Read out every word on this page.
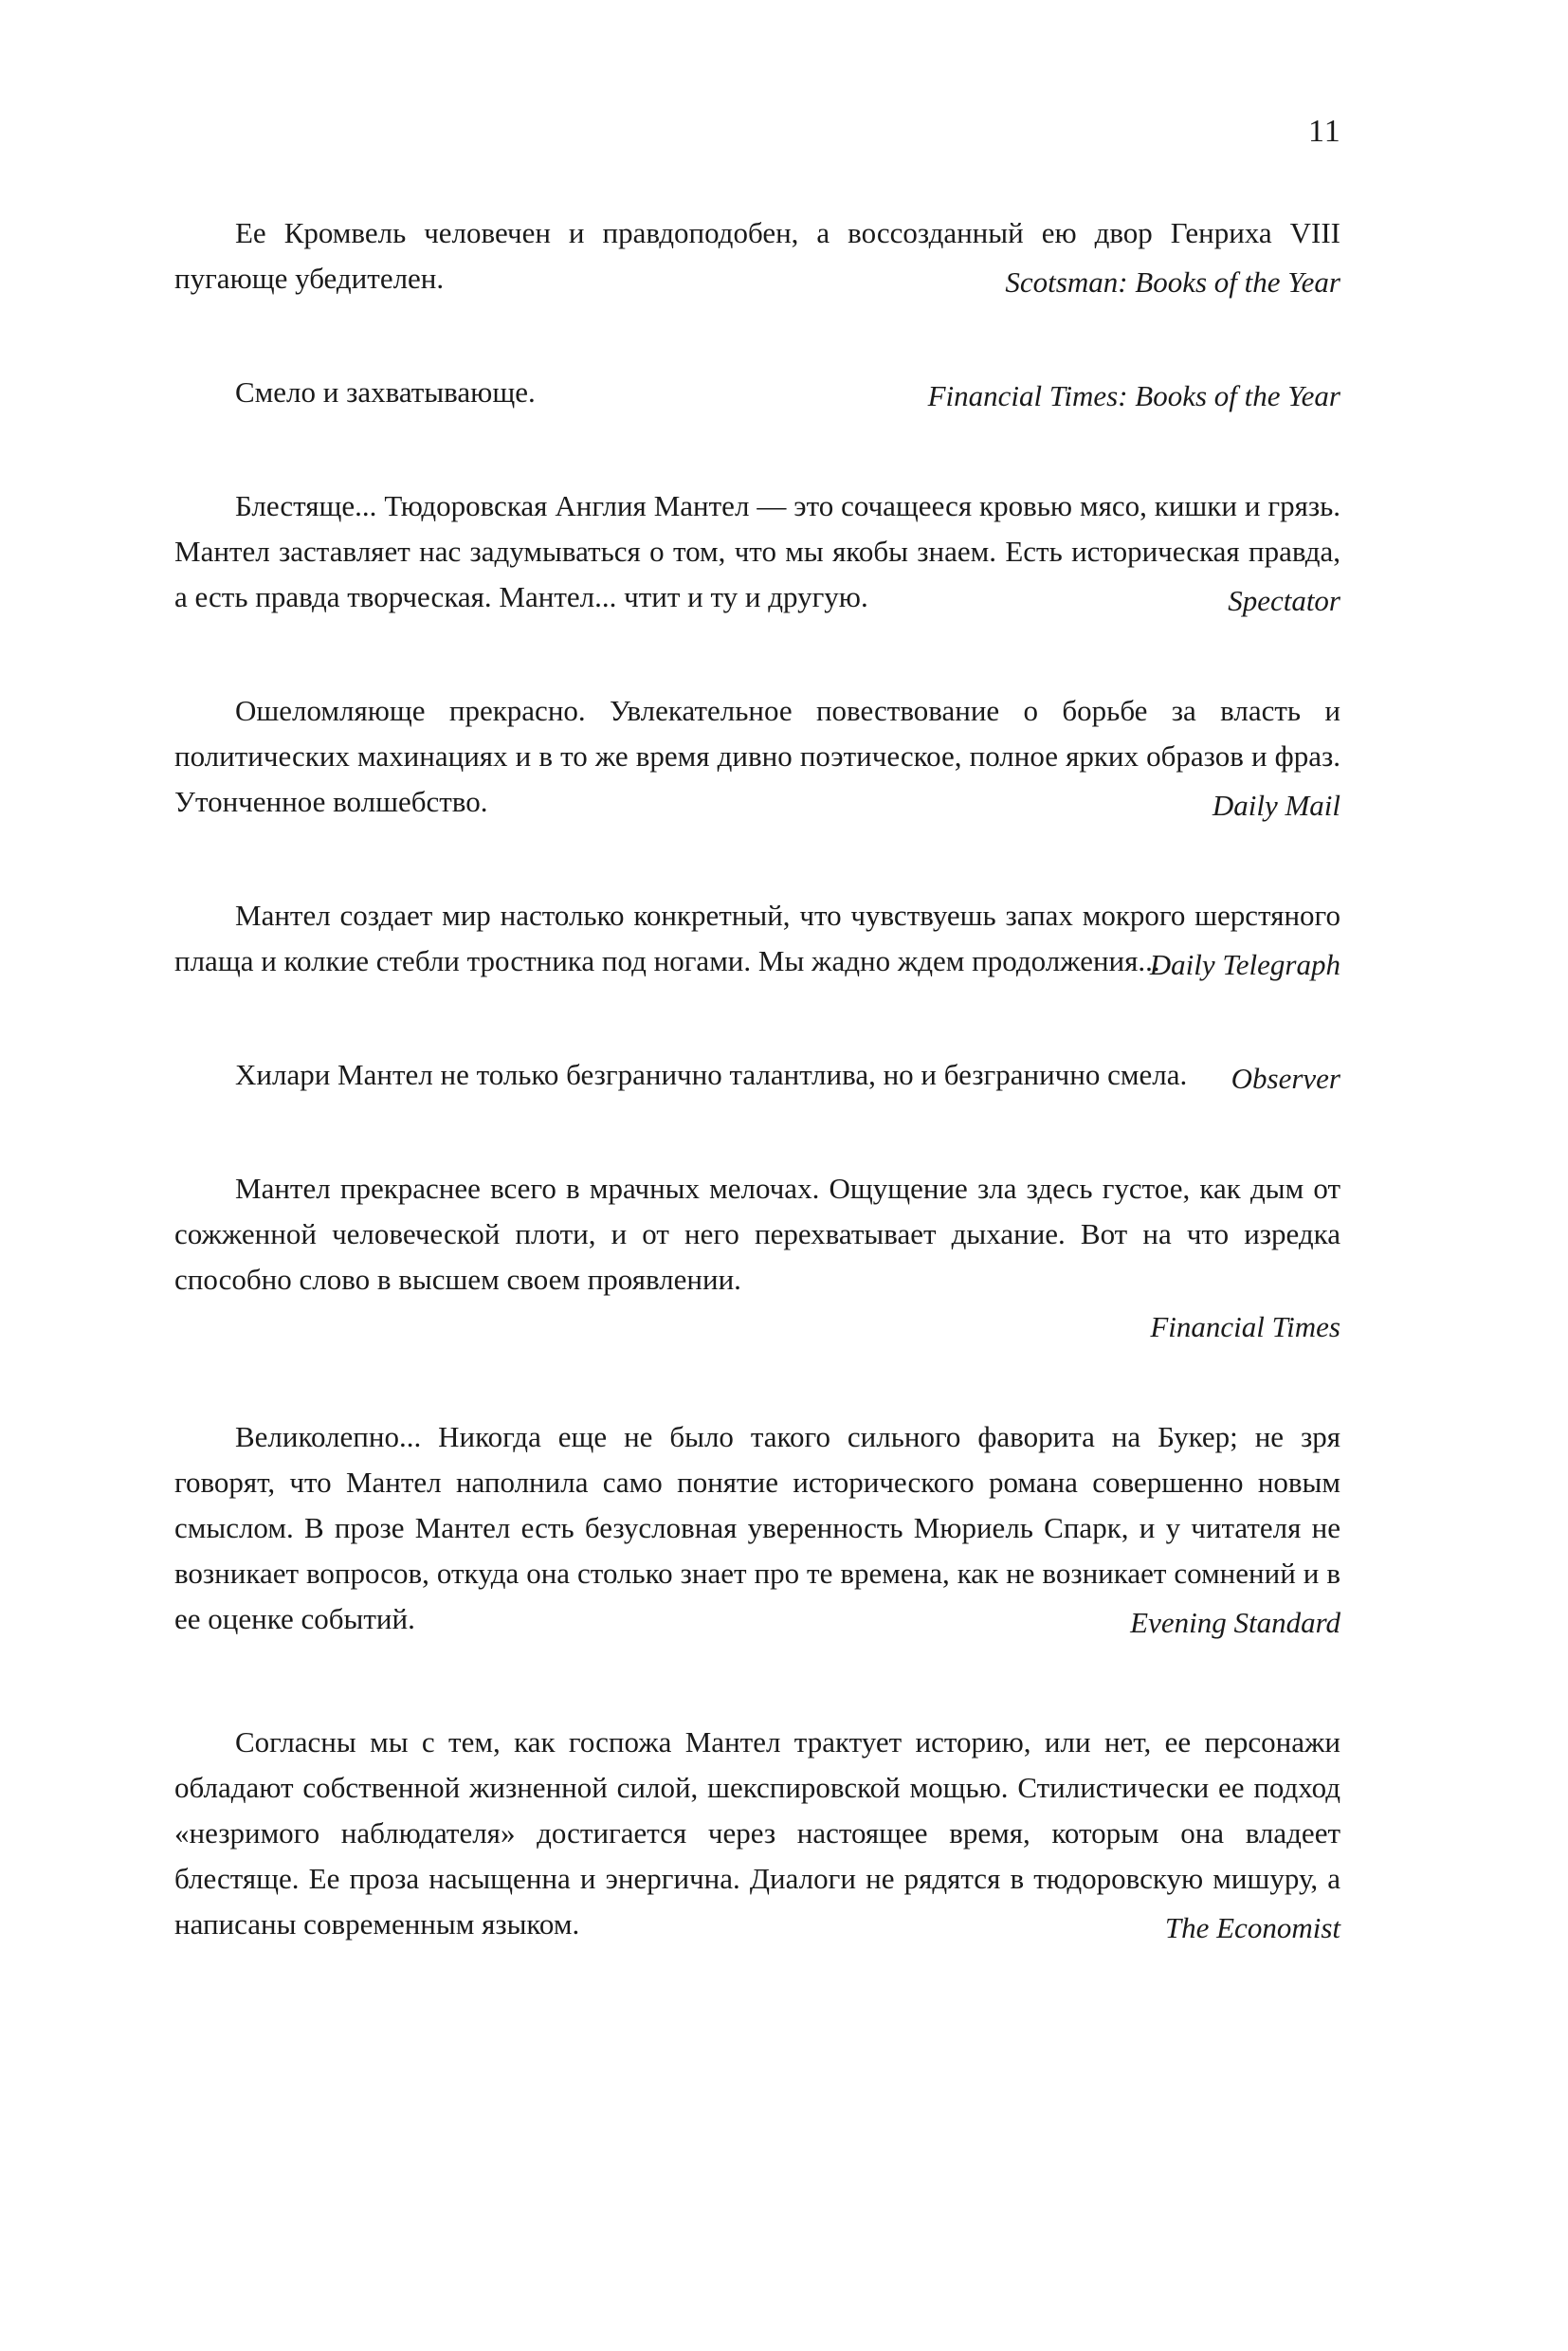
11

Ее Кромвель человечен и правдоподобен, а воссозданный ею двор Генриха VIII пугающе убедителен.	Scotsman: Books of the Year

Смело и захватывающе.	Financial Times: Books of the Year

Блестяще... Тюдоровская Англия Мантел — это сочащееся кровью мясо, кишки и грязь. Мантел заставляет нас задумываться о том, что мы якобы знаем. Есть историческая правда, а есть правда творческая. Мантел... чтит и ту и другую.	Spectator

Ошеломляюще прекрасно. Увлекательное повествование о борьбе за власть и политических махинациях и в то же время дивно поэтическое, полное ярких образов и фраз. Утонченное волшебство.	Daily Mail

Мантел создает мир настолько конкретный, что чувствуешь запах мокрого шерстяного плаща и колкие стебли тростника под ногами. Мы жадно ждем продолжения...

Daily Telegraph

Хилари Мантел не только безгранично талантлива, но и безгранично смела.	Observer

Мантел прекраснее всего в мрачных мелочах. Ощущение зла здесь густое, как дым от сожженной человеческой плоти, и от него перехватывает дыхание. Вот на что изредка способно слово в высшем своем проявлении.

Financial Times

Великолепно... Никогда еще не было такого сильного фаворита на Букер; не зря говорят, что Мантел наполнила само понятие исторического романа совершенно новым смыслом. В прозе Мантел есть безусловная уверенность Мюриель Спарк, и у читателя не возникает вопросов, откуда она столько знает про те времена, как не возникает сомнений и в ее оценке событий.	Evening Standard

Согласны мы с тем, как госпожа Мантел трактует историю, или нет, ее персонажи обладают собственной жизненной силой, шекспировской мощью. Стилистически ее подход «незримого наблюдателя» достигается через настоящее время, которым она владеет блестяще. Ее проза насыщенна и энергична. Диалоги не рядятся в тюдоровскую мишуру, а написаны современным языком.	The Economist
